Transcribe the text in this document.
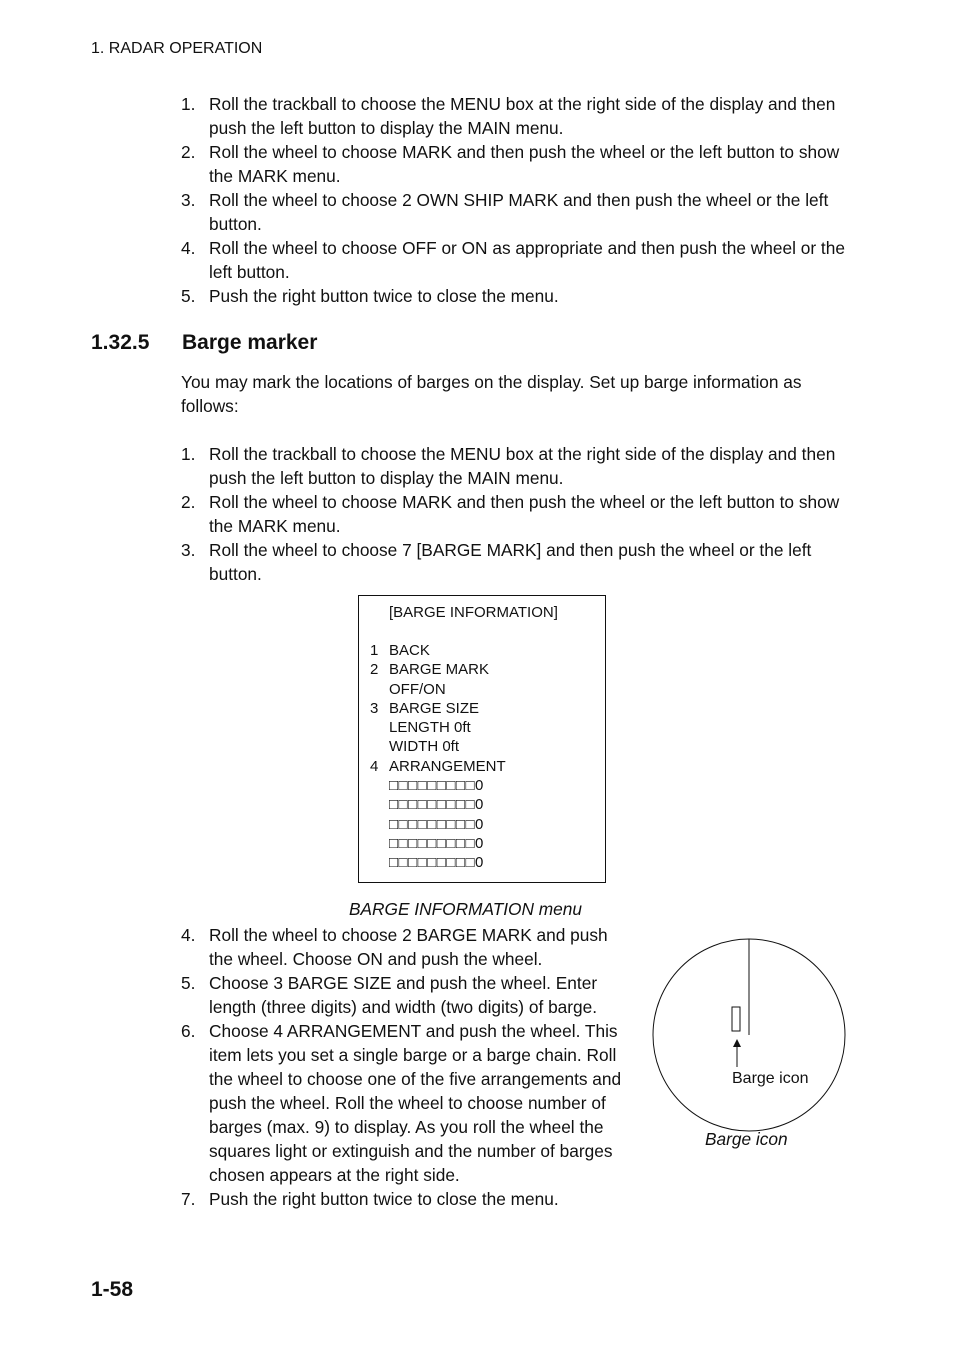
1. RADAR OPERATION
1. Roll the trackball to choose the MENU box at the right side of the display and then push the left button to display the MAIN menu.
2. Roll the wheel to choose MARK and then push the wheel or the left button to show the MARK menu.
3. Roll the wheel to choose 2 OWN SHIP MARK and then push the wheel or the left button.
4. Roll the wheel to choose OFF or ON as appropriate and then push the wheel or the left button.
5. Push the right button twice to close the menu.
1.32.5 Barge marker
You may mark the locations of barges on the display. Set up barge information as follows:
1. Roll the trackball to choose the MENU box at the right side of the display and then push the left button to display the MAIN menu.
2. Roll the wheel to choose MARK and then push the wheel or the left button to show the MARK menu.
3. Roll the wheel to choose 7 [BARGE MARK] and then push the wheel or the left button.
[BARGE INFORMATION]
1 BACK
2 BARGE MARK
OFF/ON
3 BARGE SIZE
LENGTH 0ft
WIDTH 0ft
4 ARRANGEMENT
□□□□□□□□□0
□□□□□□□□□0
□□□□□□□□□0
□□□□□□□□□0
□□□□□□□□□0
BARGE INFORMATION menu
4. Roll the wheel to choose 2 BARGE MARK and push the wheel. Choose ON and push the wheel.
5. Choose 3 BARGE SIZE and push the wheel. Enter length (three digits) and width (two digits) of barge.
6. Choose 4 ARRANGEMENT and push the wheel. This item lets you set a single barge or a barge chain. Roll the wheel to choose one of the five arrangements and push the wheel. Roll the wheel to choose number of barges (max. 9) to display. As you roll the wheel the squares light or extinguish and the number of barges chosen appears at the right side.
7. Push the right button twice to close the menu.
Barge icon
Barge icon
1-58
